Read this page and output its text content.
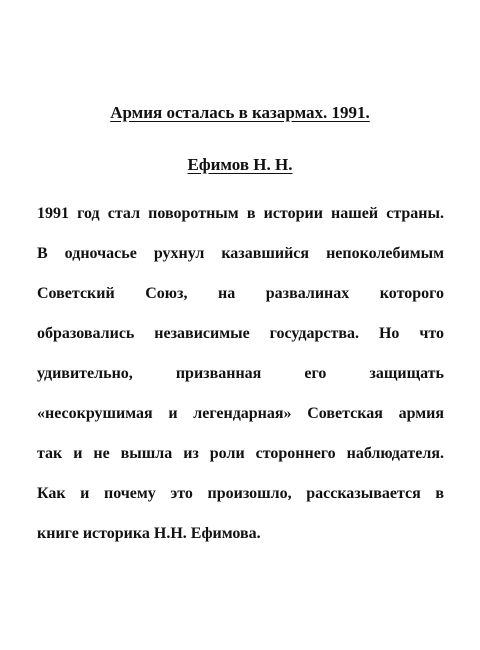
Армия осталась в казармах. 1991.
Ефимов Н. Н.
1991 год стал поворотным в истории нашей страны.
В одночасье рухнул казавшийся непоколебимым
Советский Союз, на развалинах которого
образовались независимые государства. Но что
удивительно, призванная его защищать
«несокрушимая и легендарная» Советская армия
так и не вышла из роли стороннего наблюдателя.
Как и почему это произошло, рассказывается в
книге историка Н.Н. Ефимова.
